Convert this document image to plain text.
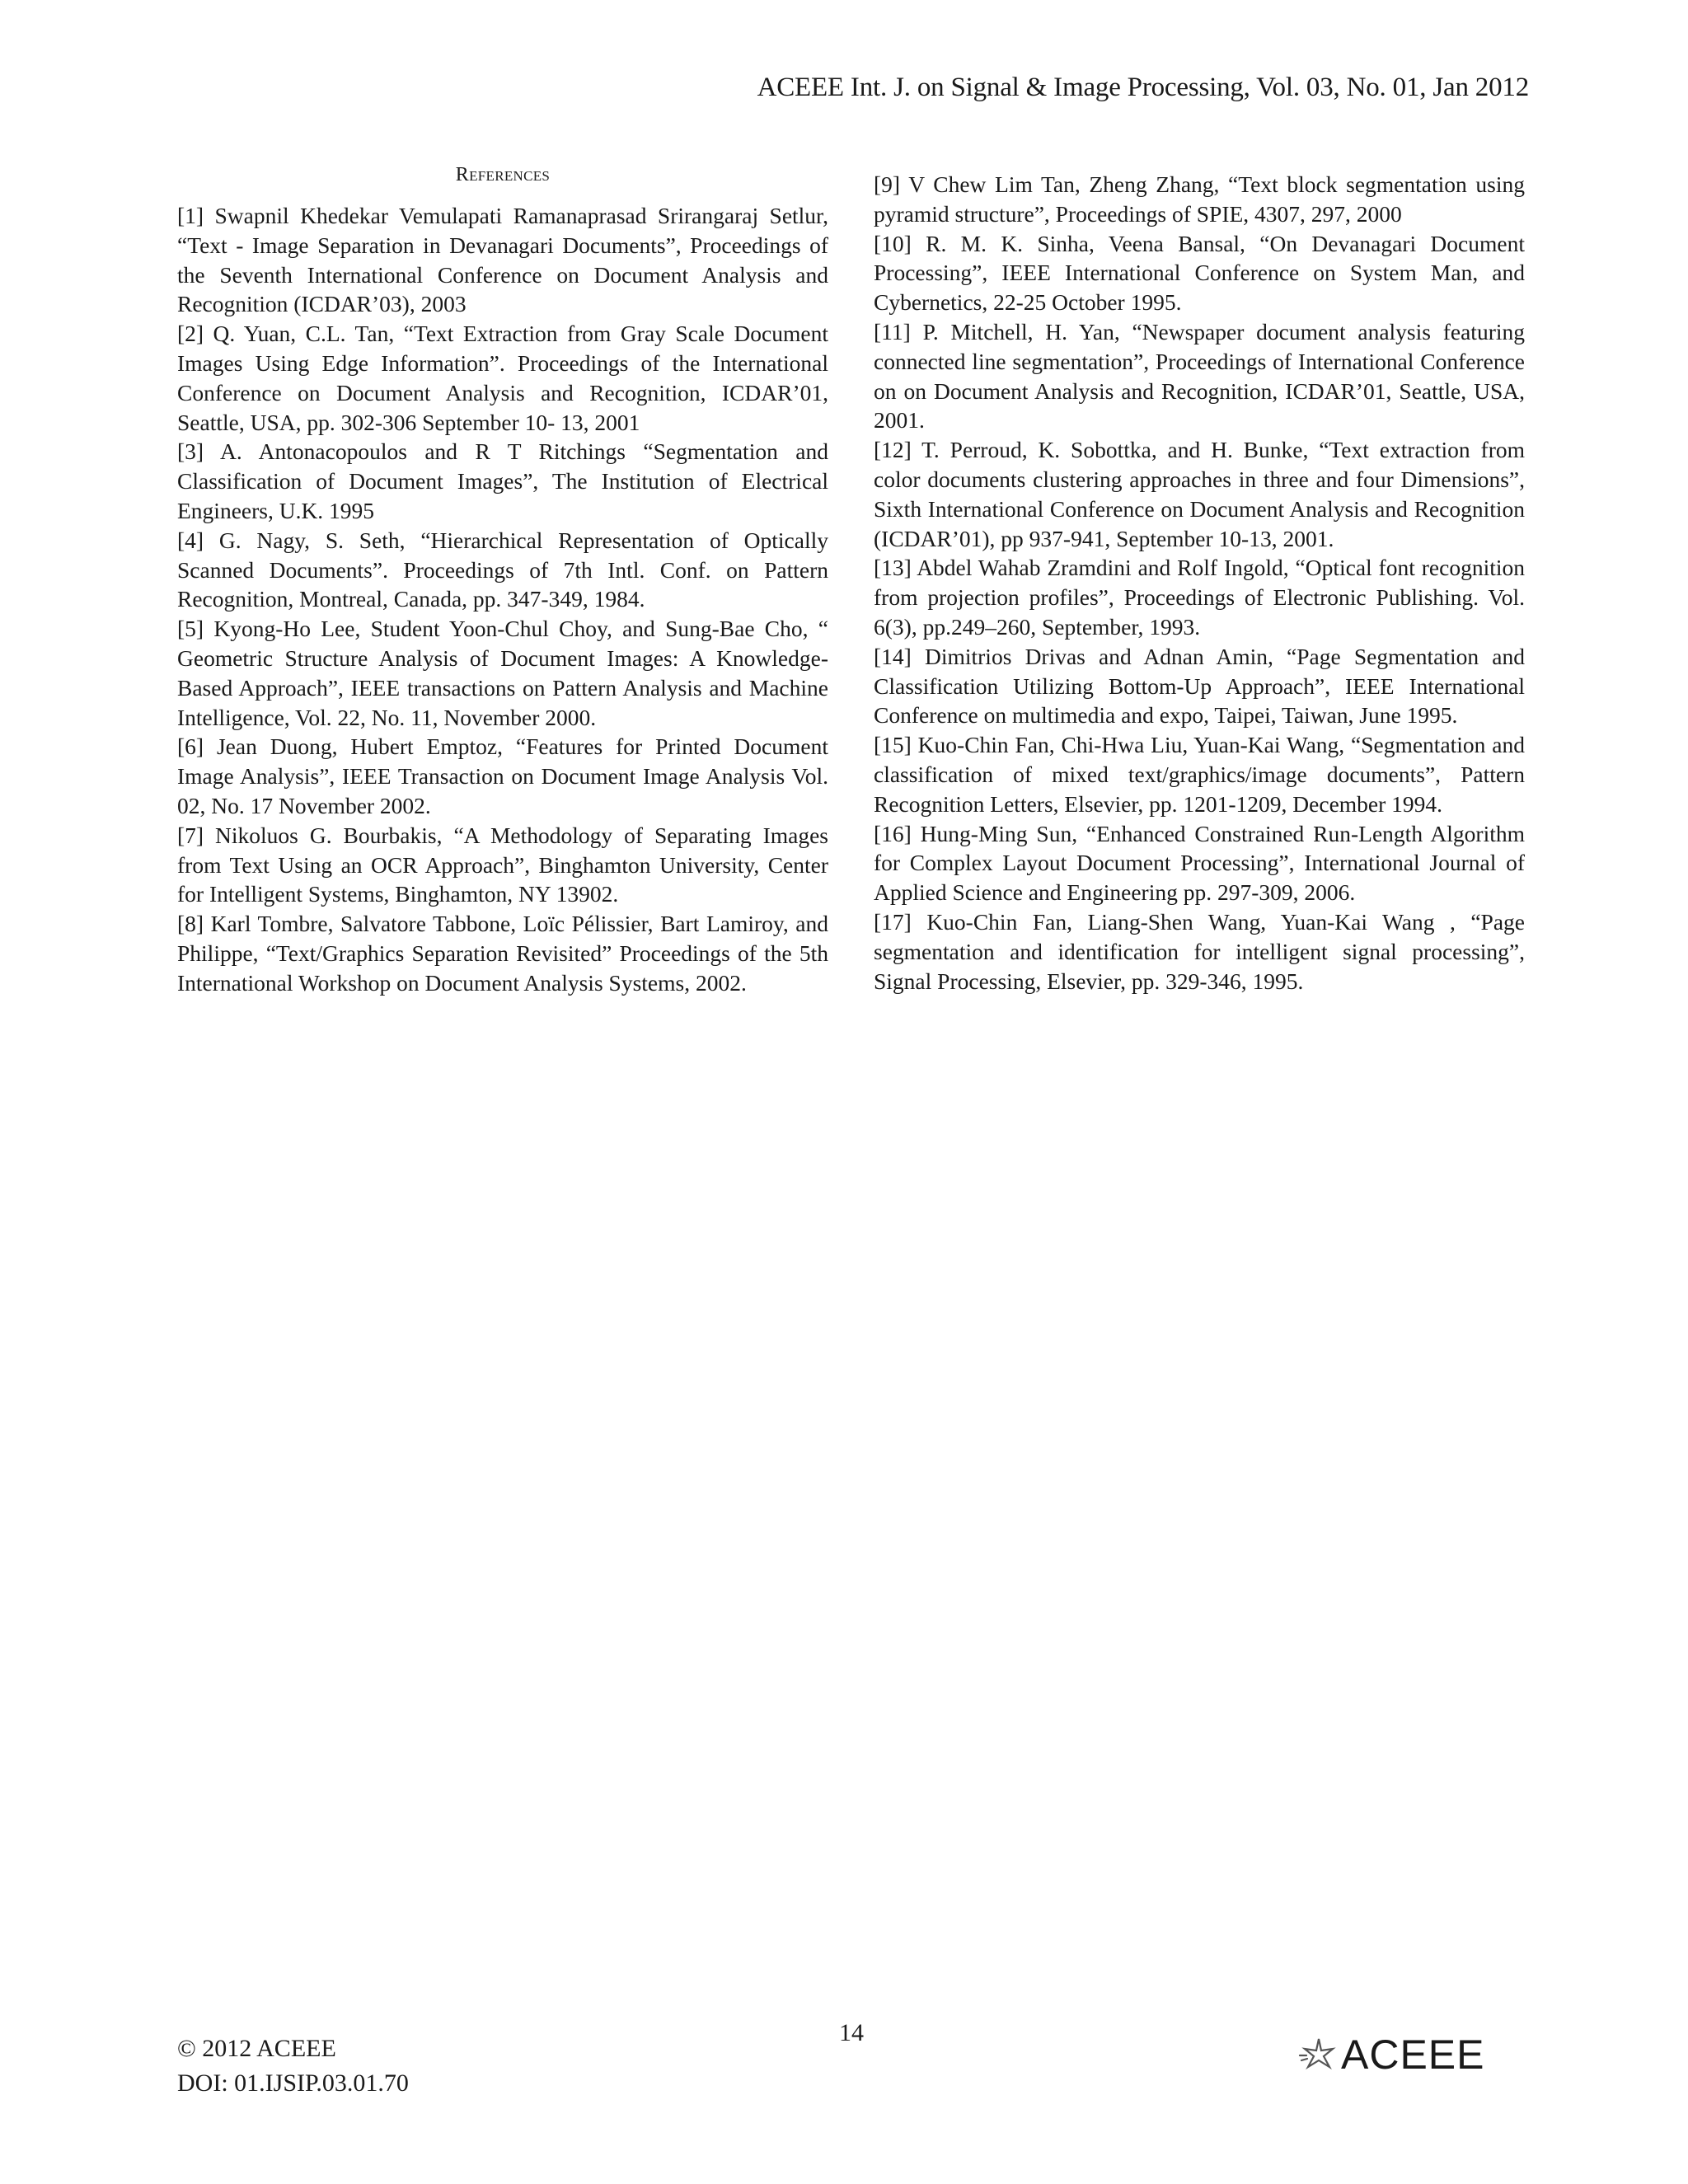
ACEEE Int. J. on Signal & Image Processing, Vol. 03, No. 01, Jan 2012
References
[1] Swapnil Khedekar Vemulapati Ramanaprasad Srirangaraj Setlur, “Text - Image Separation in Devanagari Documents”, Proceedings of the Seventh International Conference on Document Analysis and Recognition (ICDAR’03), 2003
[2] Q. Yuan, C.L. Tan, “Text Extraction from Gray Scale Document Images Using Edge Information”. Proceedings of the International Conference on Document Analysis and Recognition, ICDAR’01, Seattle, USA, pp. 302-306 September 10- 13, 2001
[3] A. Antonacopoulos and R T Ritchings “Segmentation and Classification of Document Images”, The Institution of Electrical Engineers, U.K. 1995
[4] G. Nagy, S. Seth, “Hierarchical Representation of Optically Scanned Documents”. Proceedings of 7th Intl. Conf. on Pattern Recognition, Montreal, Canada, pp. 347-349, 1984.
[5] Kyong-Ho Lee, Student Yoon-Chul Choy, and Sung-Bae Cho, “ Geometric Structure Analysis of Document Images: A Knowledge-Based Approach”, IEEE transactions on Pattern Analysis and Machine Intelligence, Vol. 22, No. 11, November 2000.
[6] Jean Duong, Hubert Emptoz, “Features for Printed Document Image Analysis”, IEEE Transaction on Document Image Analysis Vol. 02, No. 17 November 2002.
[7] Nikoluos G. Bourbakis, “A Methodology of Separating Images from Text Using an OCR Approach”, Binghamton University, Center for Intelligent Systems, Binghamton, NY 13902.
[8] Karl Tombre, Salvatore Tabbone, Loïc Pélissier, Bart Lamiroy, and Philippe, “Text/Graphics Separation Revisited” Proceedings of the 5th International Workshop on Document Analysis Systems, 2002.
[9] V Chew Lim Tan, Zheng Zhang, “Text block segmentation using pyramid structure”, Proceedings of SPIE, 4307, 297, 2000
[10] R. M. K. Sinha, Veena Bansal, “On Devanagari Document Processing”, IEEE International Conference on System Man, and Cybernetics, 22-25 October 1995.
[11] P. Mitchell, H. Yan, “Newspaper document analysis featuring connected line segmentation”, Proceedings of International Conference on on Document Analysis and Recognition, ICDAR’01, Seattle, USA, 2001.
[12] T. Perroud, K. Sobottka, and H. Bunke, “Text extraction from color documents clustering approaches in three and four Dimensions”, Sixth International Conference on Document Analysis and Recognition (ICDAR’01), pp 937-941, September 10-13, 2001.
[13] Abdel Wahab Zramdini and Rolf Ingold, “Optical font recognition from projection profiles”, Proceedings of Electronic Publishing. Vol. 6(3), pp.249–260, September, 1993.
[14] Dimitrios Drivas and Adnan Amin, “Page Segmentation and Classification Utilizing Bottom-Up Approach”, IEEE International Conference on multimedia and expo, Taipei, Taiwan, June 1995.
[15] Kuo-Chin Fan, Chi-Hwa Liu, Yuan-Kai Wang, “Segmentation and classification of mixed text/graphics/image documents”, Pattern Recognition Letters, Elsevier, pp. 1201-1209, December 1994.
[16] Hung-Ming Sun, “Enhanced Constrained Run-Length Algorithm for Complex Layout Document Processing”, International Journal of Applied Science and Engineering pp. 297-309, 2006.
[17] Kuo-Chin Fan, Liang-Shen Wang, Yuan-Kai Wang , “Page segmentation and identification for intelligent signal processing”, Signal Processing, Elsevier, pp. 329-346, 1995.
© 2012 ACEEE
DOI: 01.IJSIP.03.01.70
14	ACEEE
